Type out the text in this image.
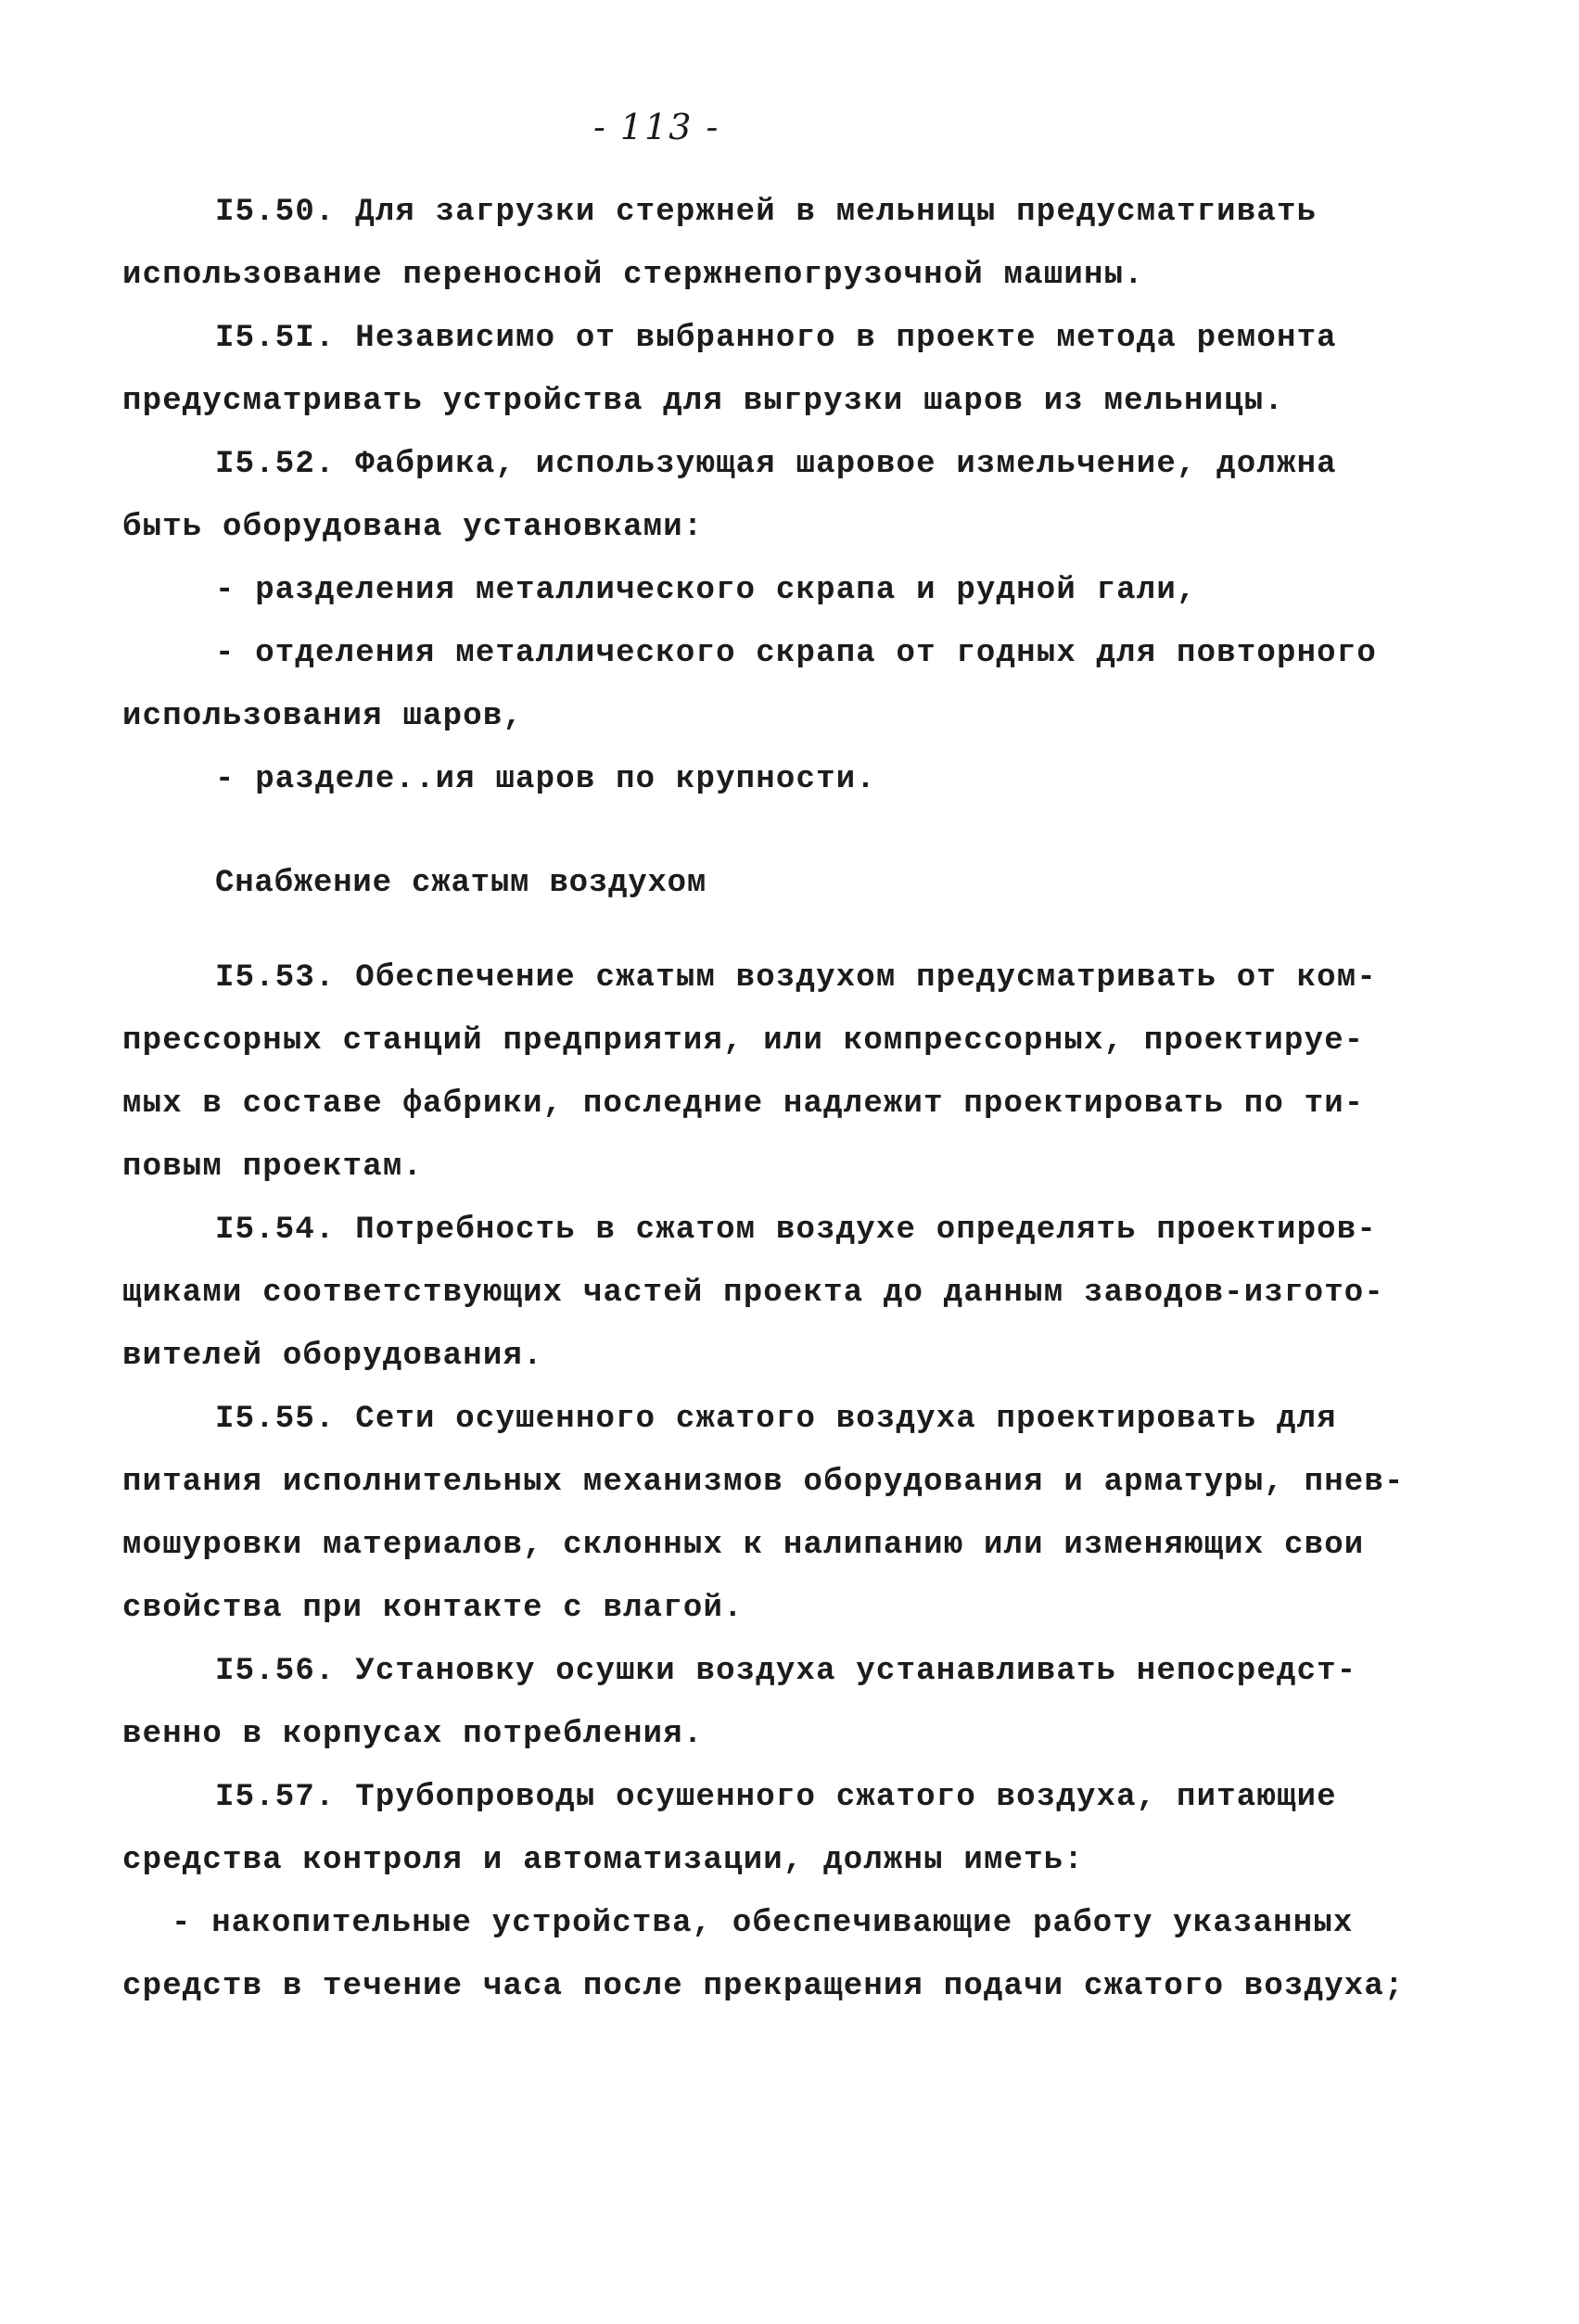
- 113 -
I5.50. Для загрузки стержней в мельницы предусматгивать
использование переносной стержнепогрузочной машины.
I5.5I. Независимо от выбранного в проекте метода ремонта
предусматривать устройства для выгрузки шаров из мельницы.
I5.52. Фабрика, использующая шаровое измельчение, должна
быть оборудована установками:
- разделения металлического скрапа и рудной гали,
- отделения металлического скрапа от годных для повторного
использования шаров,
- разделе..ия шаров по крупности.
Снабжение сжатым воздухом
I5.53. Обеспечение сжатым воздухом предусматривать от ком-
прессорных станций предприятия, или компрессорных, проектируе-
мых в составе фабрики, последние надлежит проектировать по ти-
повым проектам.
I5.54. Потребность в сжатом воздухе определять проектиров-
щиками соответствующих частей проекта до данным заводов-изгото-
вителей оборудования.
I5.55. Сети осушенного сжатого воздуха проектировать для
питания исполнительных механизмов оборудования и арматуры, пнев-
мошуровки материалов, склонных к налипанию или изменяющих свои
свойства при контакте с влагой.
I5.56. Установку осушки воздуха устанавливать непосредст-
венно в корпусах потребления.
I5.57. Трубопроводы осушенного сжатого воздуха, питающие
средства контроля и автоматизации, должны иметь:
- накопительные устройства, обеспечивающие работу указанных
средств в течение часа после прекращения подачи сжатого воздуха;
